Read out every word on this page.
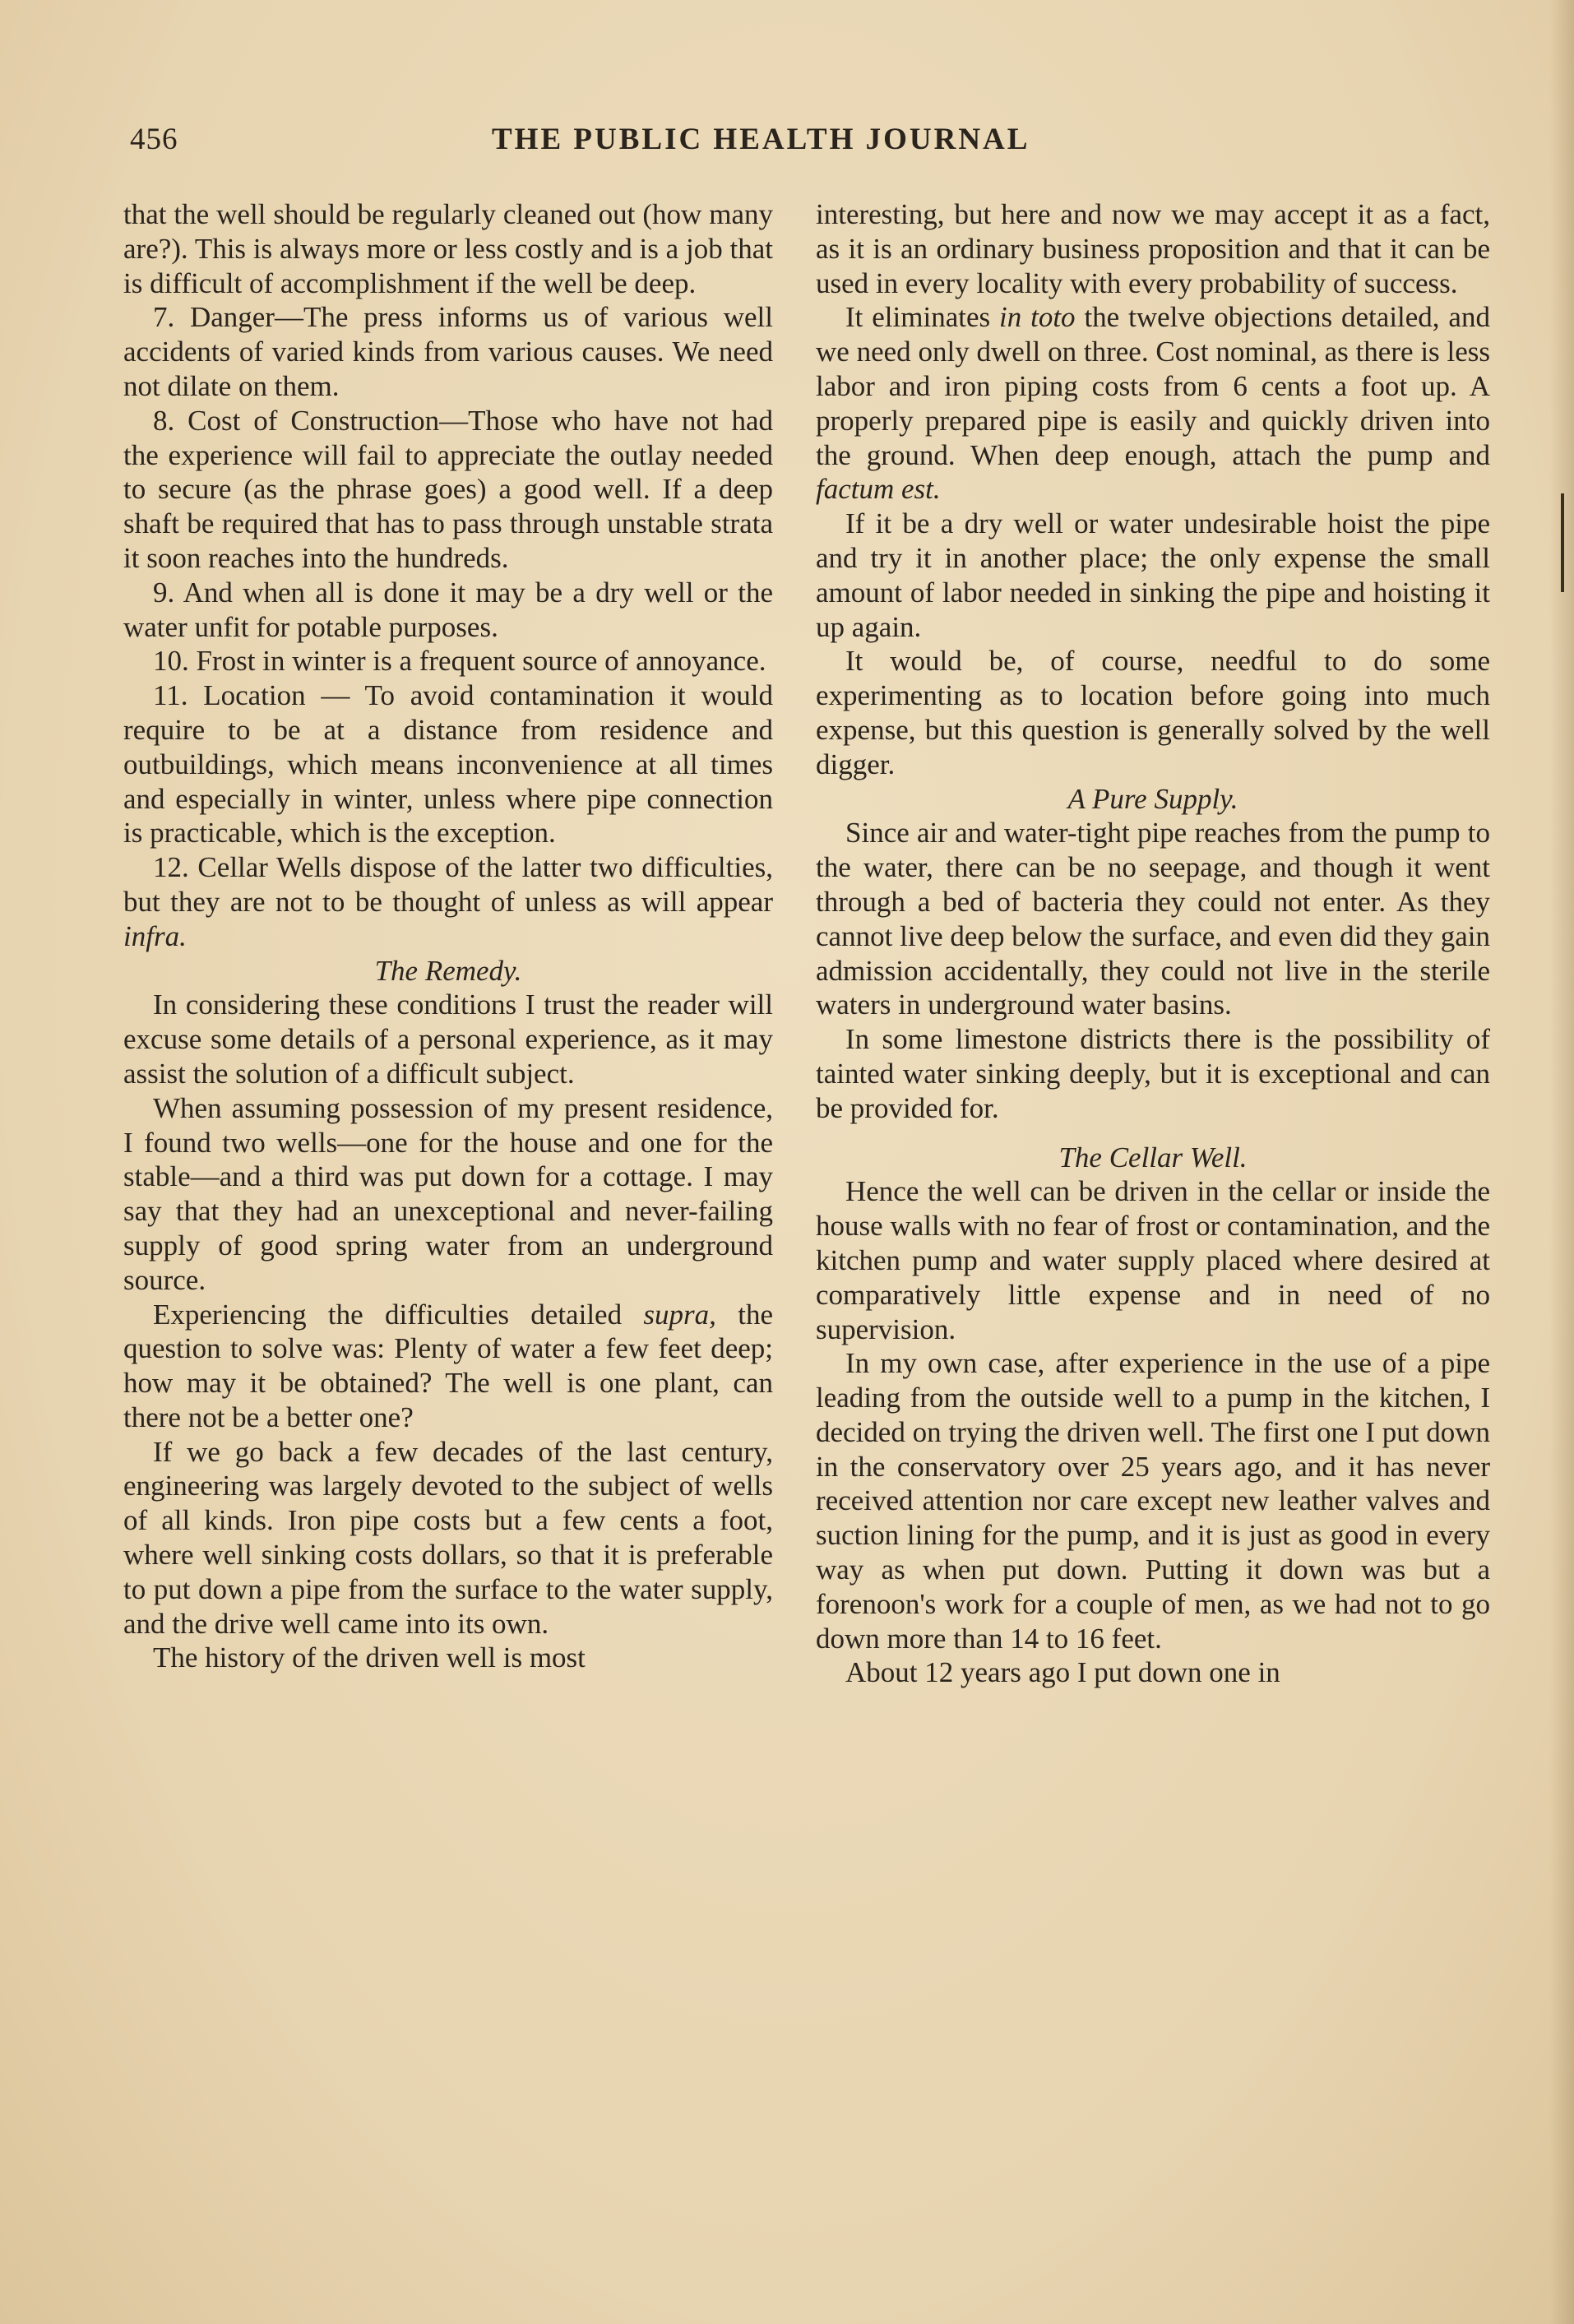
456	THE PUBLIC HEALTH JOURNAL

that the well should be regularly cleaned out (how many are?). This is always more or less costly and is a job that is difficult of accomplishment if the well be deep.

7. Danger—The press informs us of various well accidents of varied kinds from various causes. We need not dilate on them.

8. Cost of Construction—Those who have not had the experience will fail to appreciate the outlay needed to secure (as the phrase goes) a good well. If a deep shaft be required that has to pass through unstable strata it soon reaches into the hundreds.

9. And when all is done it may be a dry well or the water unfit for potable purposes.

10. Frost in winter is a frequent source of annoyance.

11. Location — To avoid contamination it would require to be at a distance from residence and outbuildings, which means inconvenience at all times and especially in winter, unless where pipe connection is practicable, which is the exception.

12. Cellar Wells dispose of the latter two difficulties, but they are not to be thought of unless as will appear infra.

The Remedy.

In considering these conditions I trust the reader will excuse some details of a personal experience, as it may assist the solution of a difficult subject.

When assuming possession of my present residence, I found two wells—one for the house and one for the stable—and a third was put down for a cottage. I may say that they had an unexceptional and never-failing supply of good spring water from an underground source.

Experiencing the difficulties detailed supra, the question to solve was: Plenty of water a few feet deep; how may it be obtained? The well is one plant, can there not be a better one?

If we go back a few decades of the last century, engineering was largely devoted to the subject of wells of all kinds. Iron pipe costs but a few cents a foot, where well sinking costs dollars, so that it is preferable to put down a pipe from the surface to the water supply, and the drive well came into its own.

The history of the driven well is most

interesting, but here and now we may accept it as a fact, as it is an ordinary business proposition and that it can be used in every locality with every probability of success.

It eliminates in toto the twelve objections detailed, and we need only dwell on three. Cost nominal, as there is less labor and iron piping costs from 6 cents a foot up. A properly prepared pipe is easily and quickly driven into the ground. When deep enough, attach the pump and factum est.

If it be a dry well or water undesirable hoist the pipe and try it in another place; the only expense the small amount of labor needed in sinking the pipe and hoisting it up again.

It would be, of course, needful to do some experimenting as to location before going into much expense, but this question is generally solved by the well digger.

A Pure Supply.

Since air and water-tight pipe reaches from the pump to the water, there can be no seepage, and though it went through a bed of bacteria they could not enter. As they cannot live deep below the surface, and even did they gain admission accidentally, they could not live in the sterile waters in underground water basins.

In some limestone districts there is the possibility of tainted water sinking deeply, but it is exceptional and can be provided for.

The Cellar Well.

Hence the well can be driven in the cellar or inside the house walls with no fear of frost or contamination, and the kitchen pump and water supply placed where desired at comparatively little expense and in need of no supervision.

In my own case, after experience in the use of a pipe leading from the outside well to a pump in the kitchen, I decided on trying the driven well. The first one I put down in the conservatory over 25 years ago, and it has never received attention nor care except new leather valves and suction lining for the pump, and it is just as good in every way as when put down. Putting it down was but a forenoon's work for a couple of men, as we had not to go down more than 14 to 16 feet.

About 12 years ago I put down one in
